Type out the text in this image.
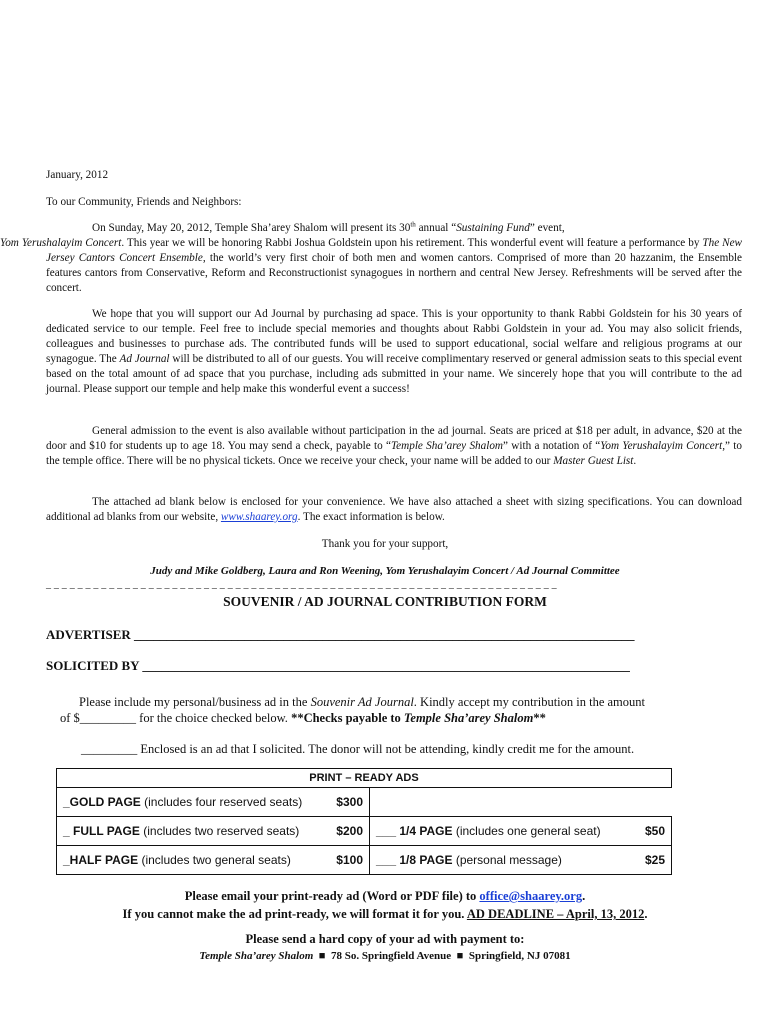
January, 2012
To our Community, Friends and Neighbors:
On Sunday, May 20, 2012, Temple Sha’arey Shalom will present its 30th annual “Sustaining Fund” event,
Yom Yerushalayim Concert. This year we will be honoring Rabbi Joshua Goldstein upon his retirement. This wonderful event will feature a performance by The New Jersey Cantors Concert Ensemble, the world’s very first choir of both men and women cantors. Comprised of more than 20 hazzanim, the Ensemble features cantors from Conservative, Reform and Reconstructionist synagogues in northern and central New Jersey. Refreshments will be served after the concert.
We hope that you will support our Ad Journal by purchasing ad space. This is your opportunity to thank Rabbi Goldstein for his 30 years of dedicated service to our temple. Feel free to include special memories and thoughts about Rabbi Goldstein in your ad. You may also solicit friends, colleagues and businesses to purchase ads. The contributed funds will be used to support educational, social welfare and religious programs at our synagogue. The Ad Journal will be distributed to all of our guests. You will receive complimentary reserved or general admission seats to this special event based on the total amount of ad space that you purchase, including ads submitted in your name. We sincerely hope that you will contribute to the ad journal. Please support our temple and help make this wonderful event a success!
General admission to the event is also available without participation in the ad journal. Seats are priced at $18 per adult, in advance, $20 at the door and $10 for students up to age 18. You may send a check, payable to “Temple Sha’arey Shalom” with a notation of “Yom Yerushalayim Concert,” to the temple office. There will be no physical tickets. Once we receive your check, your name will be added to our Master Guest List.
The attached ad blank below is enclosed for your convenience. We have also attached a sheet with sizing specifications. You can download additional ad blanks from our website, www.shaarey.org. The exact information is below.
Thank you for your support,
Judy and Mike Goldberg, Laura and Ron Weening, Yom Yerushalayim Concert / Ad Journal Committee
_ _ _ _ _ _ _ _ _ _ _ _ _ _ _ _ _ _ _ _ _ _ _ _ _ _ _ _ _ _ _ _ _ _ _ _ _ _ _ _ _ _ _ _ _ _ _ _ _ _ _ _ _ _ _ _ _ _ _ _ _ _ _ _ _
SOUVENIR / AD JOURNAL CONTRIBUTION FORM
ADVERTISER _____________________________________________________________________________
SOLICITED BY ___________________________________________________________________________
Please include my personal/business ad in the Souvenir Ad Journal. Kindly accept my contribution in the amount
of $_________ for the choice checked below. **Checks payable to Temple Sha’arey Shalom**
_________ Enclosed is an ad that I solicited. The donor will not be attending, kindly credit me for the amount.
PRINT – READY ADS	
_GOLD PAGE (includes four reserved seats) $300	

_ FULL PAGE (includes two reserved seats) $200	___ 1/4 PAGE (includes one general seat) $50

_HALF PAGE (includes two general seats) $100	___ 1/8 PAGE (personal message) $25
Please email your print-ready ad (Word or PDF file) to office@shaarey.org.
If you cannot make the ad print-ready, we will format it for you. AD DEADLINE – April, 13, 2012.
Please send a hard copy of your ad with payment to:
Temple Sha’arey Shalom ■ 78 So. Springfield Avenue ■ Springfield, NJ 07081
